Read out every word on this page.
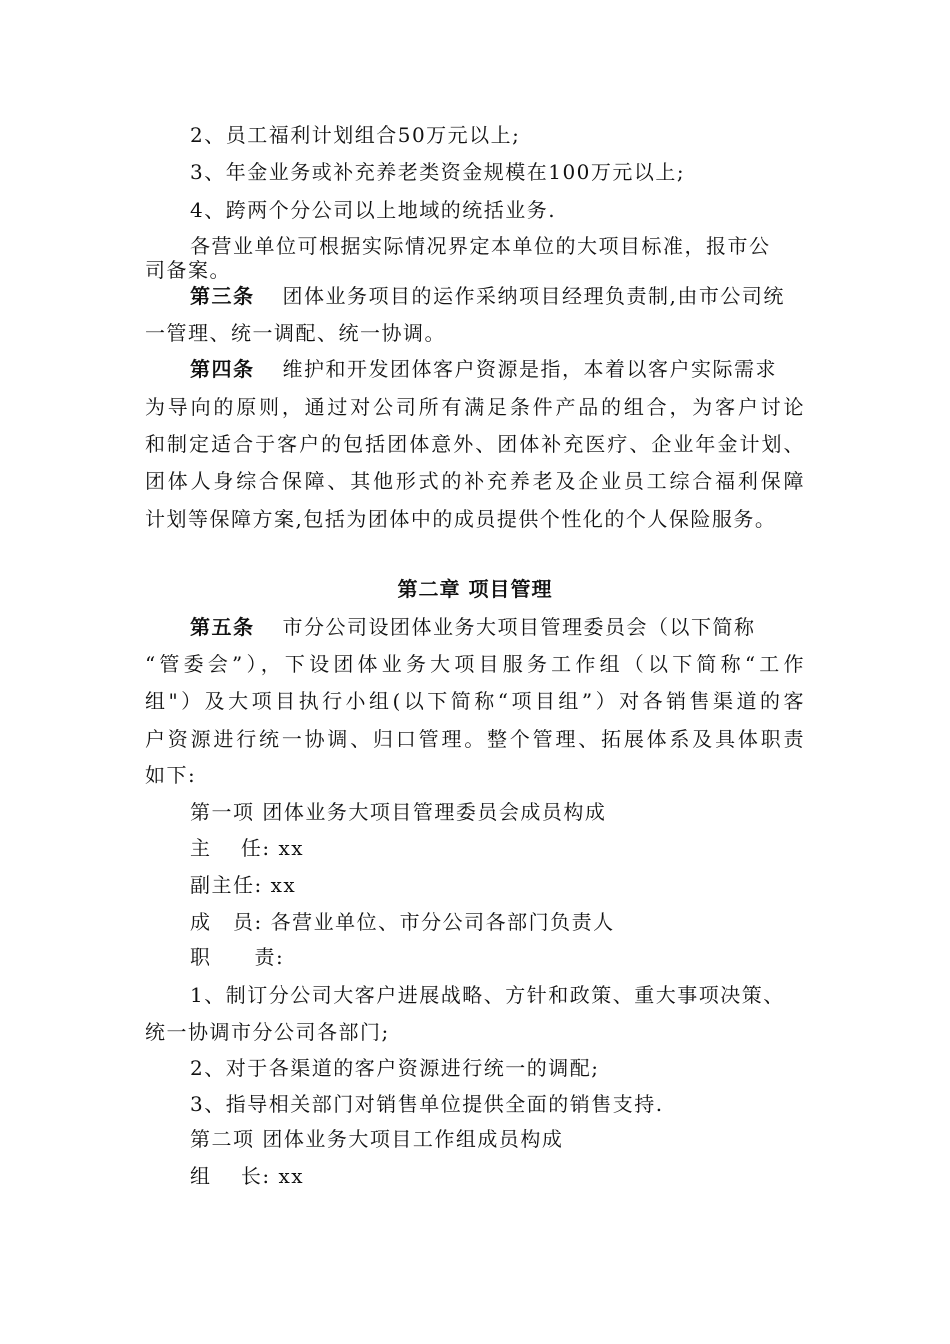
2、员工福利计划组合50万元以上;
3、年金业务或补充养老类资金规模在100万元以上;
4、跨两个分公司以上地域的统括业务.
各营业单位可根据实际情况界定本单位的大项目标准，报市公
司备案。
第三条 团体业务项目的运作采纳项目经理负责制,由市公司统
一管理、统一调配、统一协调。
第四条 维护和开发团体客户资源是指，本着以客户实际需求
为导向的原则，通过对公司所有满足条件产品的组合，为客户讨论
和制定适合于客户的包括团体意外、团体补充医疗、企业年金计划、
团体人身综合保障、其他形式的补充养老及企业员工综合福利保障
计划等保障方案,包括为团体中的成员提供个性化的个人保险服务。
第二章 项目管理
第五条 市分公司设团体业务大项目管理委员会（以下简称
“管委会”），下设团体业务大项目服务工作组（以下简称“工作
组"）及大项目执行小组(以下简称“项目组”）对各销售渠道的客
户资源进行统一协调、归口管理。整个管理、拓展体系及具体职责
如下:
第一项 团体业务大项目管理委员会成员构成
主　 任: xx
副主任: xx
成　员: 各营业单位、市分公司各部门负责人
职　　责:
1、制订分公司大客户进展战略、方针和政策、重大事项决策、
统一协调市分公司各部门;
2、对于各渠道的客户资源进行统一的调配;
3、指导相关部门对销售单位提供全面的销售支持.
第二项 团体业务大项目工作组成员构成
组　 长: xx
